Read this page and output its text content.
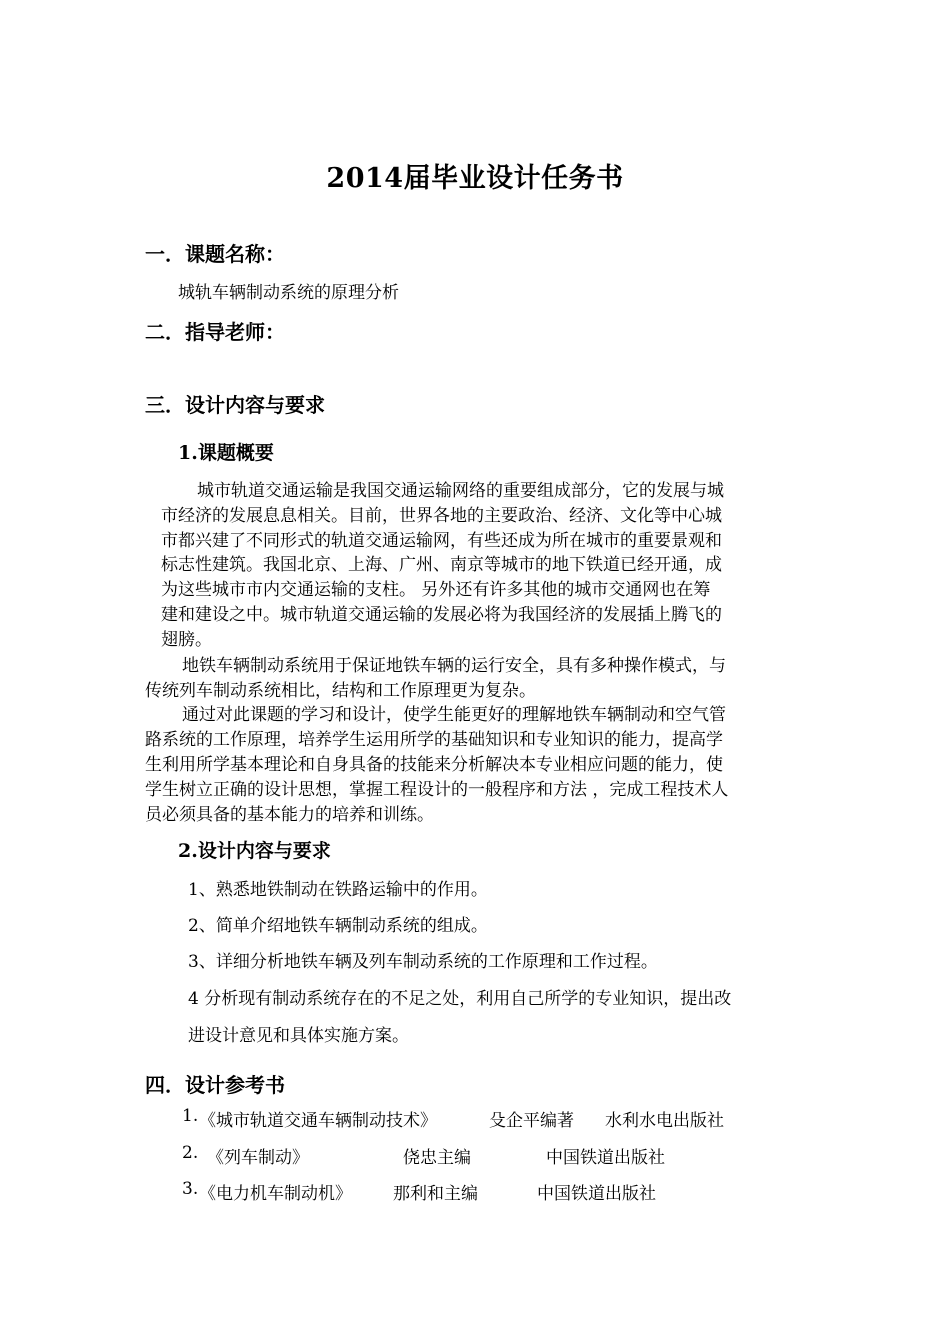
2014届毕业设计任务书
一．课题名称：
城轨车辆制动系统的原理分析
二．指导老师：
三．设计内容与要求
1.课题概要
城市轨道交通运输是我国交通运输网络的重要组成部分，它的发展与城
市经济的发展息息相关。目前，世界各地的主要政治、经济、文化等中心城
市都兴建了不同形式的轨道交通运输网，有些还成为所在城市的重要景观和
标志性建筑。我国北京、上海、广州、南京等城市的地下铁道已经开通，成
为这些城市市内交通运输的支柱。 另外还有许多其他的城市交通网也在筹
建和建设之中。城市轨道交通运输的发展必将为我国经济的发展插上腾飞的
翅膀。
地铁车辆制动系统用于保证地铁车辆的运行安全，具有多种操作模式，与
传统列车制动系统相比，结构和工作原理更为复杂。
通过对此课题的学习和设计，使学生能更好的理解地铁车辆制动和空气管
路系统的工作原理，培养学生运用所学的基础知识和专业知识的能力，提高学
生利用所学基本理论和自身具备的技能来分析解决本专业相应问题的能力，使
学生树立正确的设计思想，掌握工程设计的一般程序和方法 ，完成工程技术人
员必须具备的基本能力的培养和训练。
2.设计内容与要求
1、熟悉地铁制动在铁路运输中的作用。
2、简单介绍地铁车辆制动系统的组成。
3、详细分析地铁车辆及列车制动系统的工作原理和工作过程。
4 分析现有制动系统存在的不足之处，利用自己所学的专业知识，提出改
进设计意见和具体实施方案。
四．设计参考书
1. 《城市轨道交通车辆制动技术》	殳企平编著 水利水电出版社
2. 《列车制动》	侥忠主编	中国铁道出版社
3. 《电力机车制动机》 那利和主编	中国铁道出版社
